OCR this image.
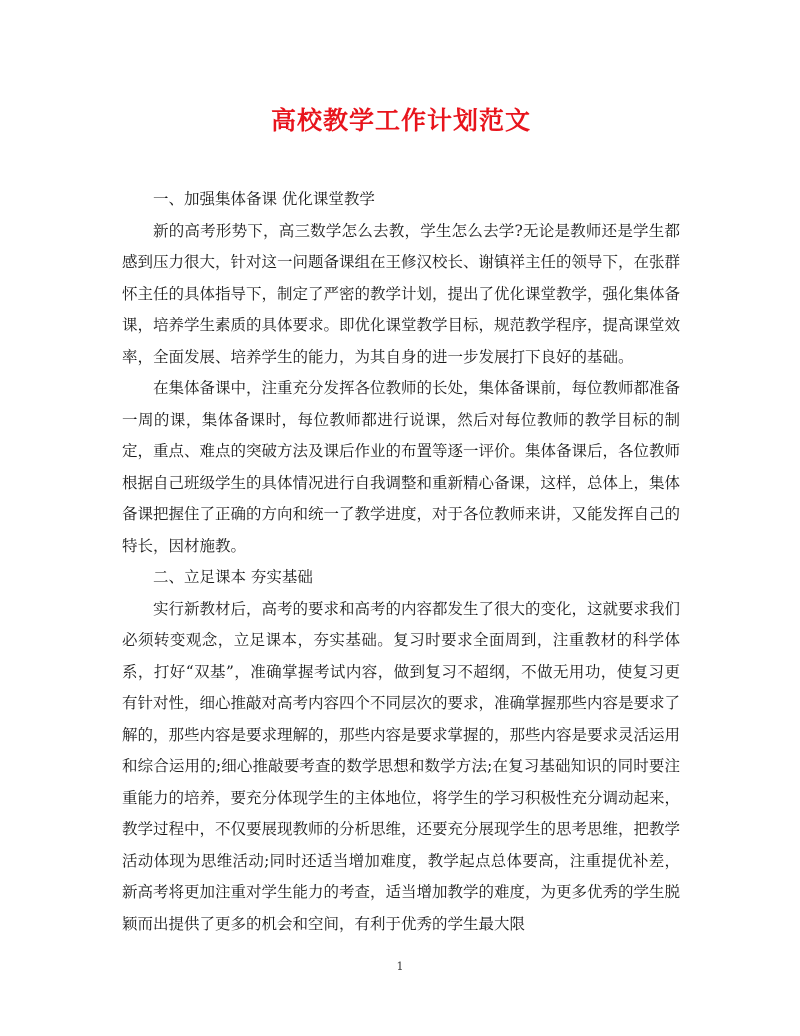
高校教学工作计划范文

一、加强集体备课 优化课堂教学

新的高考形势下，高三数学怎么去教，学生怎么去学?无论是教师还是学生都感到压力很大，针对这一问题备课组在王修汉校长、谢镇祥主任的领导下，在张群怀主任的具体指导下，制定了严密的教学计划，提出了优化课堂教学，强化集体备课，培养学生素质的具体要求。即优化课堂教学目标，规范教学程序，提高课堂效率，全面发展、培养学生的能力，为其自身的进一步发展打下良好的基础。

在集体备课中，注重充分发挥各位教师的长处，集体备课前，每位教师都准备一周的课，集体备课时，每位教师都进行说课，然后对每位教师的教学目标的制定，重点、难点的突破方法及课后作业的布置等逐一评价。集体备课后，各位教师根据自己班级学生的具体情况进行自我调整和重新精心备课，这样，总体上，集体备课把握住了正确的方向和统一了教学进度，对于各位教师来讲，又能发挥自己的特长，因材施教。

二、立足课本 夯实基础

实行新教材后，高考的要求和高考的内容都发生了很大的变化，这就要求我们必须转变观念，立足课本，夯实基础。复习时要求全面周到，注重教材的科学体系，打好“双基”，准确掌握考试内容，做到复习不超纲，不做无用功，使复习更有针对性，细心推敲对高考内容四个不同层次的要求，准确掌握那些内容是要求了解的，那些内容是要求理解的，那些内容是要求掌握的，那些内容是要求灵活运用和综合运用的;细心推敲要考查的数学思想和数学方法;在复习基础知识的同时要注重能力的培养，要充分体现学生的主体地位，将学生的学习积极性充分调动起来，教学过程中，不仅要展现教师的分析思维，还要充分展现学生的思考思维，把教学活动体现为思维活动;同时还适当增加难度，教学起点总体要高，注重提优补差，新高考将更加注重对学生能力的考查，适当增加教学的难度，为更多优秀的学生脱颖而出提供了更多的机会和空间，有利于优秀的学生最大限

1
